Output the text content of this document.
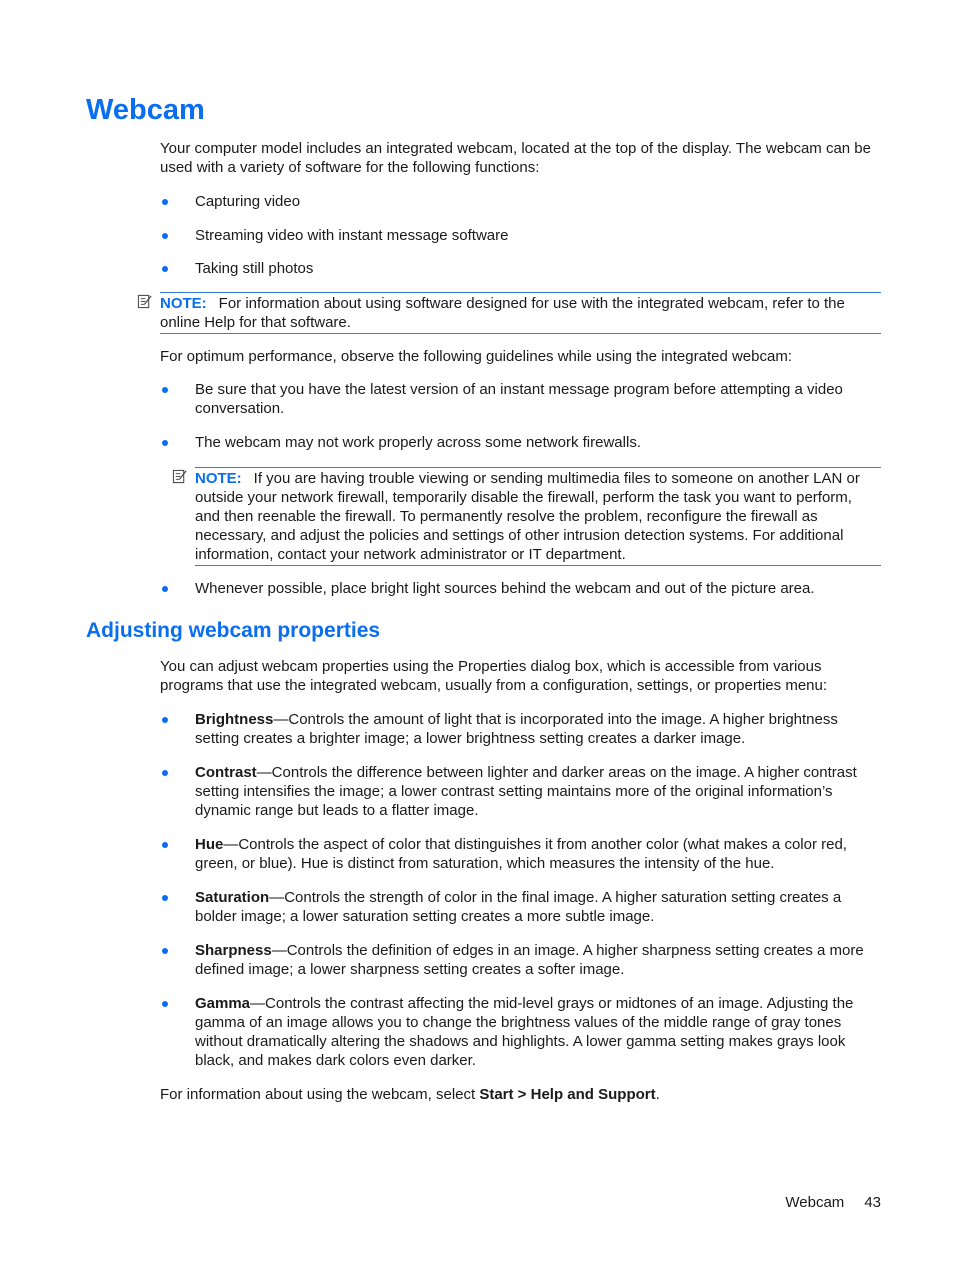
Webcam

Your computer model includes an integrated webcam, located at the top of the display. The webcam can be used with a variety of software for the following functions:

Capturing video
Streaming video with instant message software
Taking still photos
NOTE: For information about using software designed for use with the integrated webcam, refer to the online Help for that software.

For optimum performance, observe the following guidelines while using the integrated webcam:

Be sure that you have the latest version of an instant message program before attempting a video conversation.
The webcam may not work properly across some network firewalls.
NOTE: If you are having trouble viewing or sending multimedia files to someone on another LAN or outside your network firewall, temporarily disable the firewall, perform the task you want to perform, and then reenable the firewall. To permanently resolve the problem, reconfigure the firewall as necessary, and adjust the policies and settings of other intrusion detection systems. For additional information, contact your network administrator or IT department.
Whenever possible, place bright light sources behind the webcam and out of the picture area.
Adjusting webcam properties

You can adjust webcam properties using the Properties dialog box, which is accessible from various programs that use the integrated webcam, usually from a configuration, settings, or properties menu:

Brightness—Controls the amount of light that is incorporated into the image. A higher brightness setting creates a brighter image; a lower brightness setting creates a darker image.
Contrast—Controls the difference between lighter and darker areas on the image. A higher contrast setting intensifies the image; a lower contrast setting maintains more of the original information’s dynamic range but leads to a flatter image.
Hue—Controls the aspect of color that distinguishes it from another color (what makes a color red, green, or blue). Hue is distinct from saturation, which measures the intensity of the hue.
Saturation—Controls the strength of color in the final image. A higher saturation setting creates a bolder image; a lower saturation setting creates a more subtle image.
Sharpness—Controls the definition of edges in an image. A higher sharpness setting creates a more defined image; a lower sharpness setting creates a softer image.
Gamma—Controls the contrast affecting the mid-level grays or midtones of an image. Adjusting the gamma of an image allows you to change the brightness values of the middle range of gray tones without dramatically altering the shadows and highlights. A lower gamma setting makes grays look black, and makes dark colors even darker.

For information about using the webcam, select Start > Help and Support.

Webcam 43
